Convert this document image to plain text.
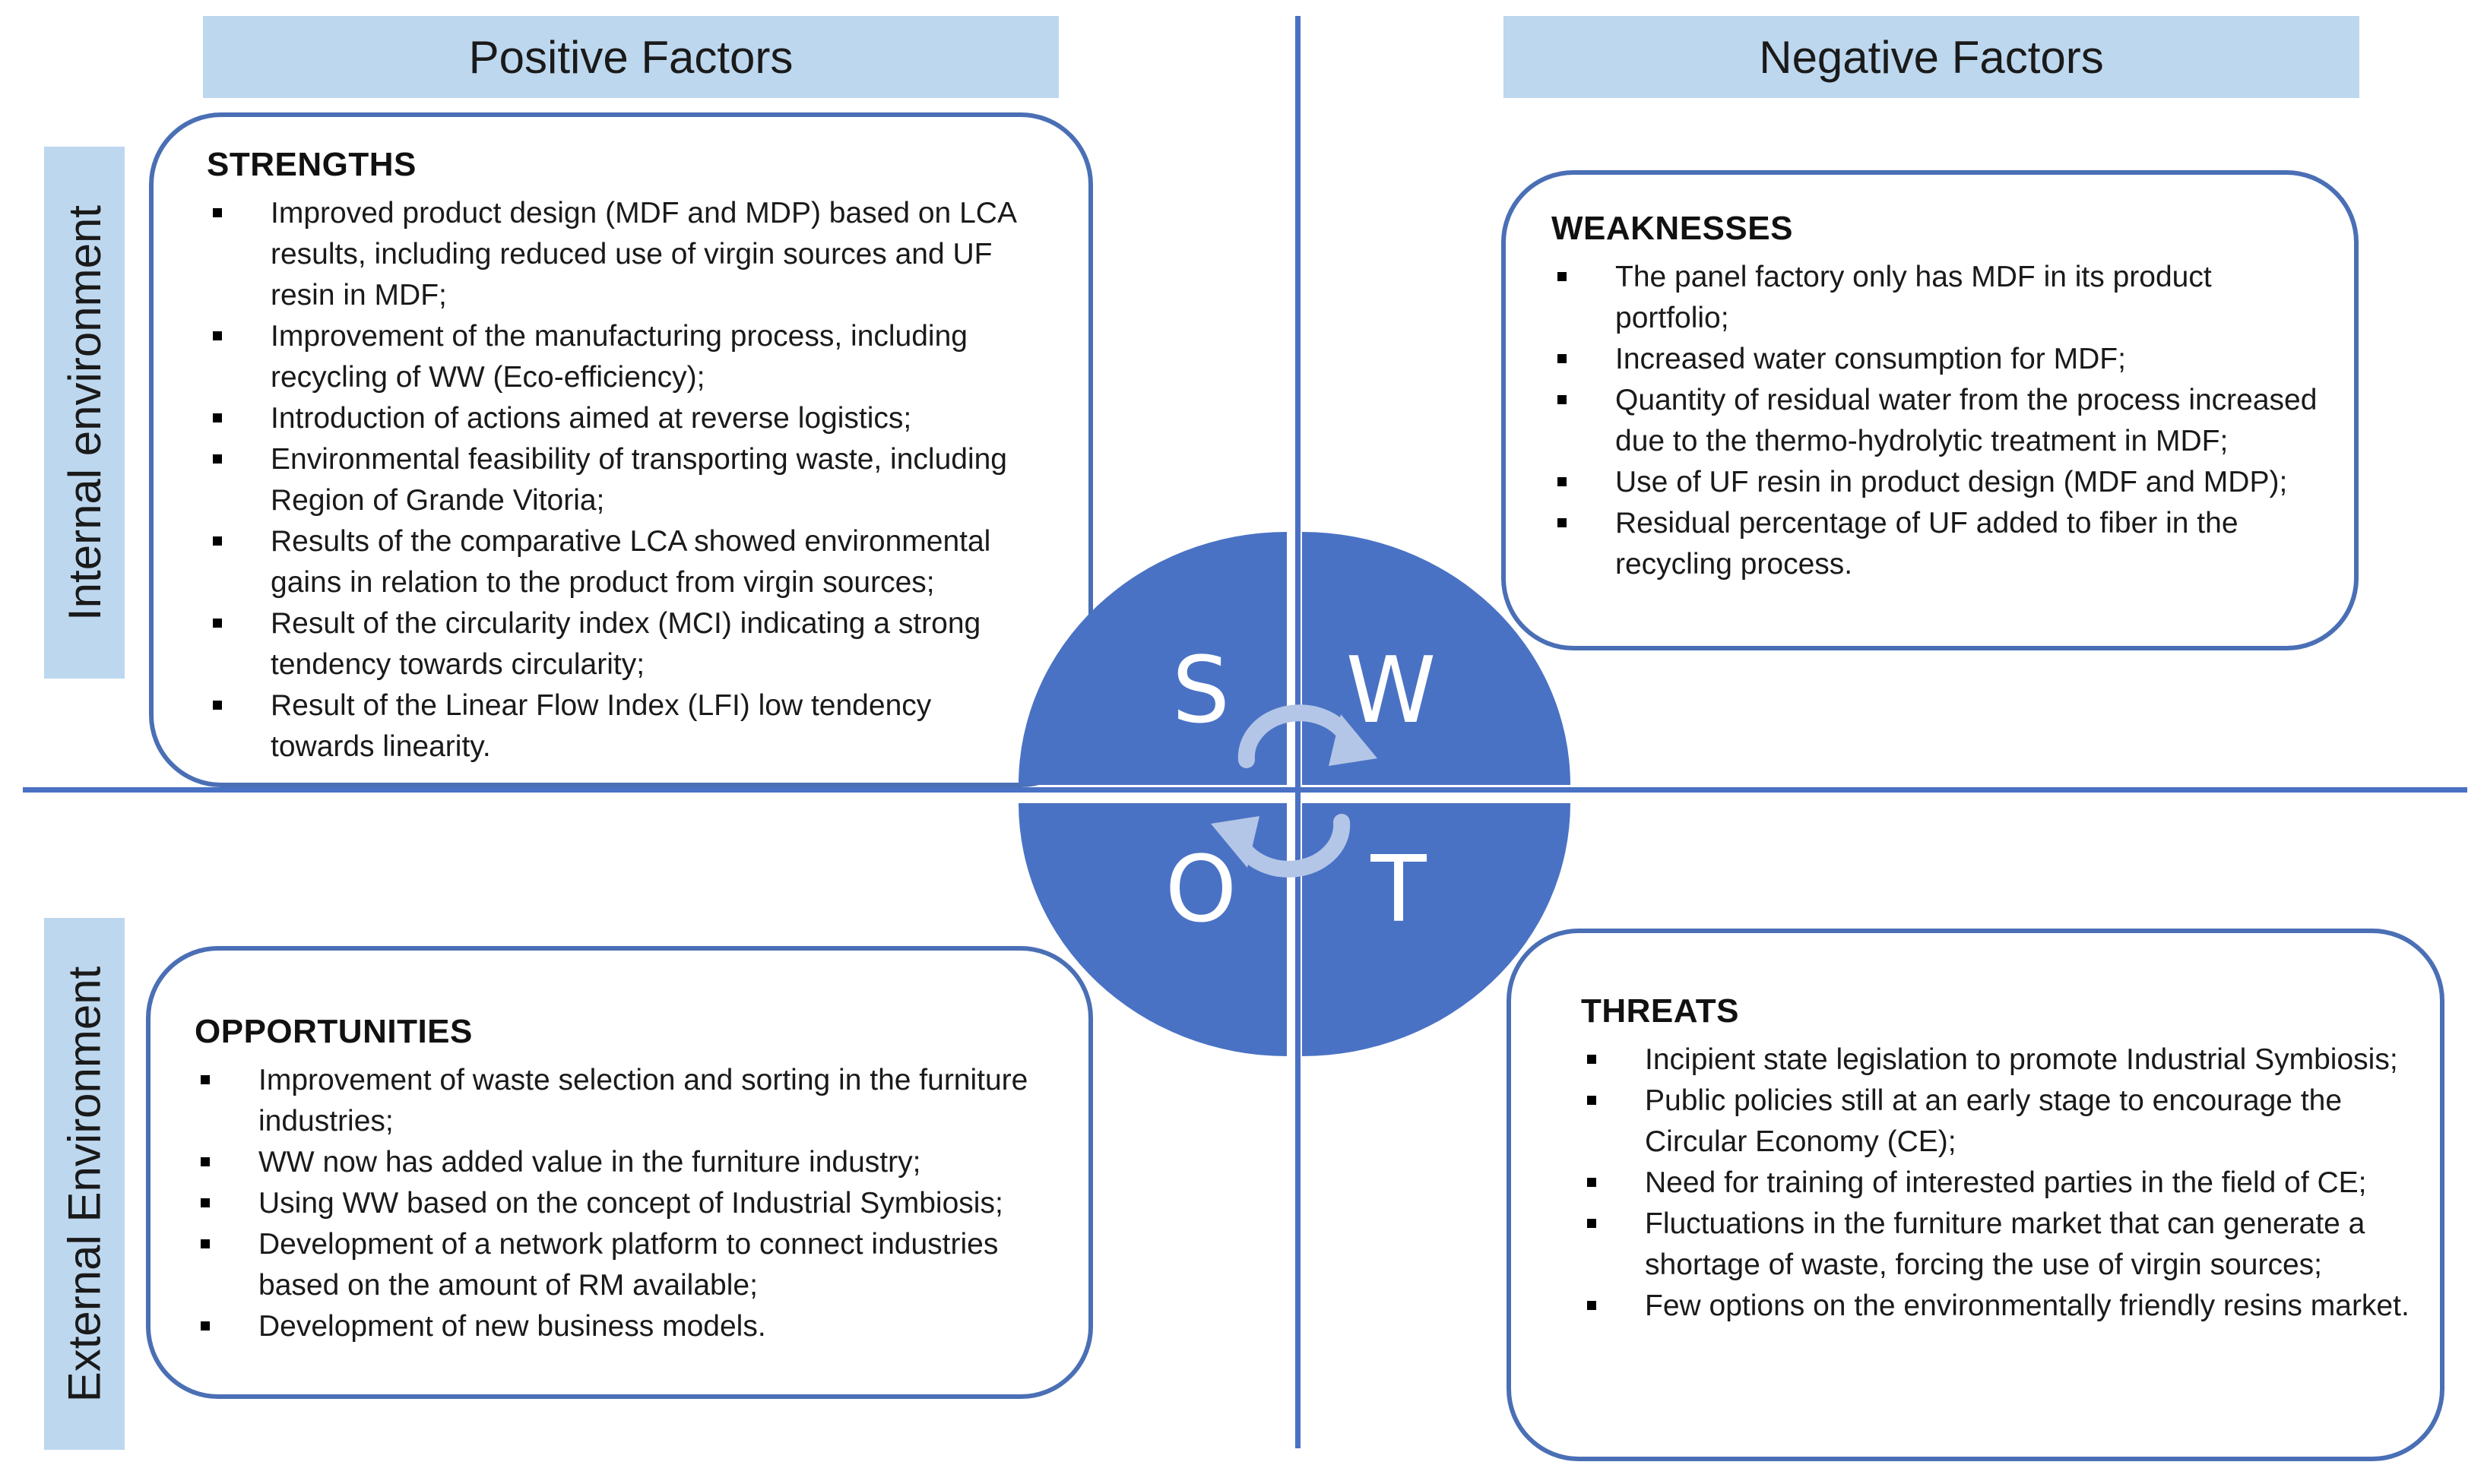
Positive Factors	Negative Factors
Internal environment
External Environment
STRENGTHS
Improved product design (MDF and MDP) based on LCA results, including reduced use of virgin sources and UF resin in MDF;
Improvement of the manufacturing process, including recycling of WW (Eco-efficiency);
Introduction of actions aimed at reverse logistics;
Environmental feasibility of transporting waste, including Region of Grande Vitoria;
Results of the comparative LCA showed environmental gains in relation to the product from virgin sources;
Result of the circularity index (MCI) indicating a strong tendency towards circularity;
Result of the Linear Flow Index (LFI) low tendency towards linearity.
WEAKNESSES
The panel factory only has MDF in its product portfolio;
Increased water consumption for MDF;
Quantity of residual water from the process increased due to the thermo-hydrolytic treatment in MDF;
Use of UF resin in product design (MDF and MDP);
Residual percentage of UF added to fiber in the recycling process.
OPPORTUNITIES
Improvement of waste selection and sorting in the furniture industries;
WW now has added value in the furniture industry;
Using WW based on the concept of Industrial Symbiosis;
Development of a network platform to connect industries based on the amount of RM available;
Development of new business models.
THREATS
Incipient state legislation to promote Industrial Symbiosis;
Public policies still at an early stage to encourage the Circular Economy (CE);
Need for training of interested parties in the field of CE;
Fluctuations in the furniture market that can generate a shortage of waste, forcing the use of virgin sources;
Few options on the environmentally friendly resins market.
S W
O T
